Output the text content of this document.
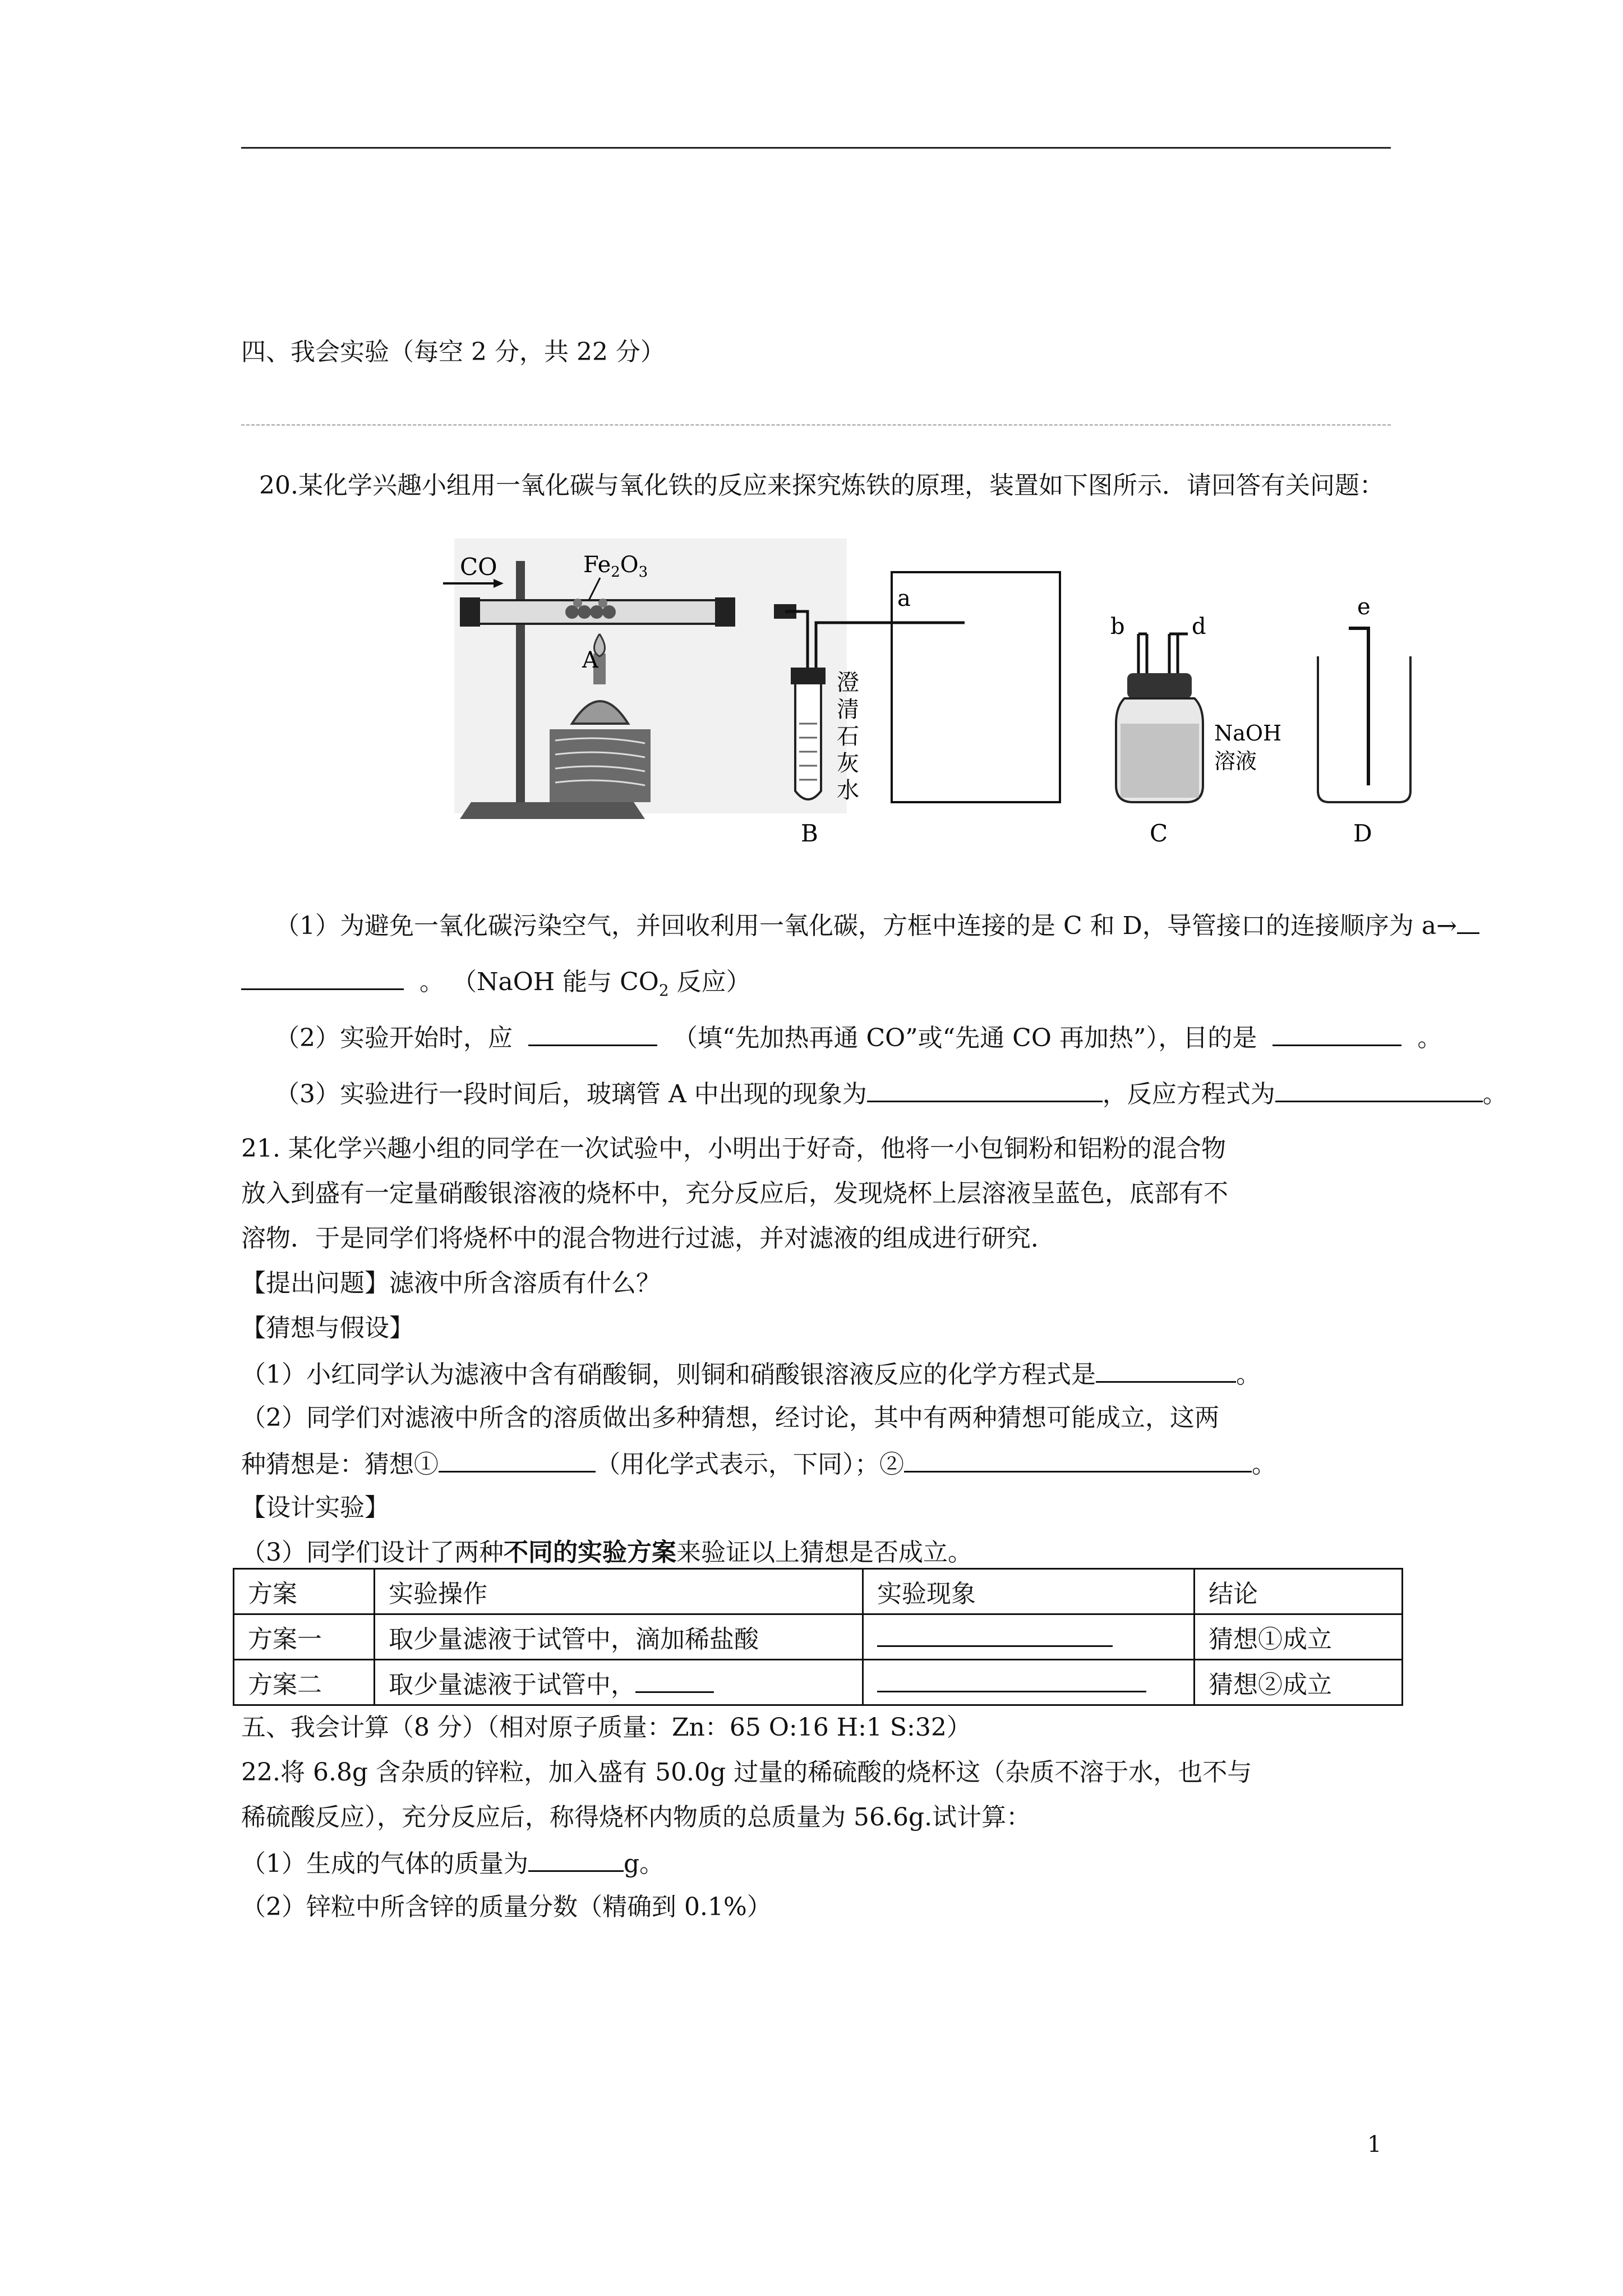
四、我会实验（每空 2 分，共 22 分）
20.某化学兴趣小组用一氧化碳与氧化铁的反应来探究炼铁的原理，装置如下图所示．请回答有关问题：
CO	$Fe_2O_3$
A
B
澄
清
石
灰
水
a
b	d
NaOH
溶液
C
e
D
（1）为避免一氧化碳污染空气，并回收利用一氧化碳，方框中连接的是 C 和 D，导管接口的连接顺序为 a→
。 （NaOH 能与 $CO_2$ 反应）
（2）实验开始时，应	（填“先加热再通 CO”或“先通 CO 再加热”），目的是	。
（3）实验进行一段时间后，玻璃管 A 中出现的现象为	，反应方程式为	。
21. 某化学兴趣小组的同学在一次试验中，小明出于好奇，他将一小包铜粉和铝粉的混合物
放入到盛有一定量硝酸银溶液的烧杯中，充分反应后，发现烧杯上层溶液呈蓝色，底部有不
溶物．于是同学们将烧杯中的混合物进行过滤，并对滤液的组成进行研究．
【提出问题】滤液中所含溶质有什么？
【猜想与假设】
（1）小红同学认为滤液中含有硝酸铜，则铜和硝酸银溶液反应的化学方程式是	。
（2）同学们对滤液中所含的溶质做出多种猜想，经讨论，其中有两种猜想可能成立，这两
种猜想是：猜想①	（用化学式表示，下同）；②	。
【设计实验】
（3）同学们设计了两种不同的实验方案来验证以上猜想是否成立。
方案	实验操作	实验现象	结论
方案一	取少量滤液于试管中，滴加稀盐酸		猜想①成立
方案二	取少量滤液于试管中，		猜想②成立
五、我会计算（8 分）（相对原子质量：Zn：65 O:16 H:1 S:32）
22.将 6.8g 含杂质的锌粒，加入盛有 50.0g 过量的稀硫酸的烧杯这（杂质不溶于水，也不与
稀硫酸反应），充分反应后，称得烧杯内物质的总质量为 56.6g.试计算：
（1）生成的气体的质量为	g。
（2）锌粒中所含锌的质量分数（精确到 0.1%）
1
